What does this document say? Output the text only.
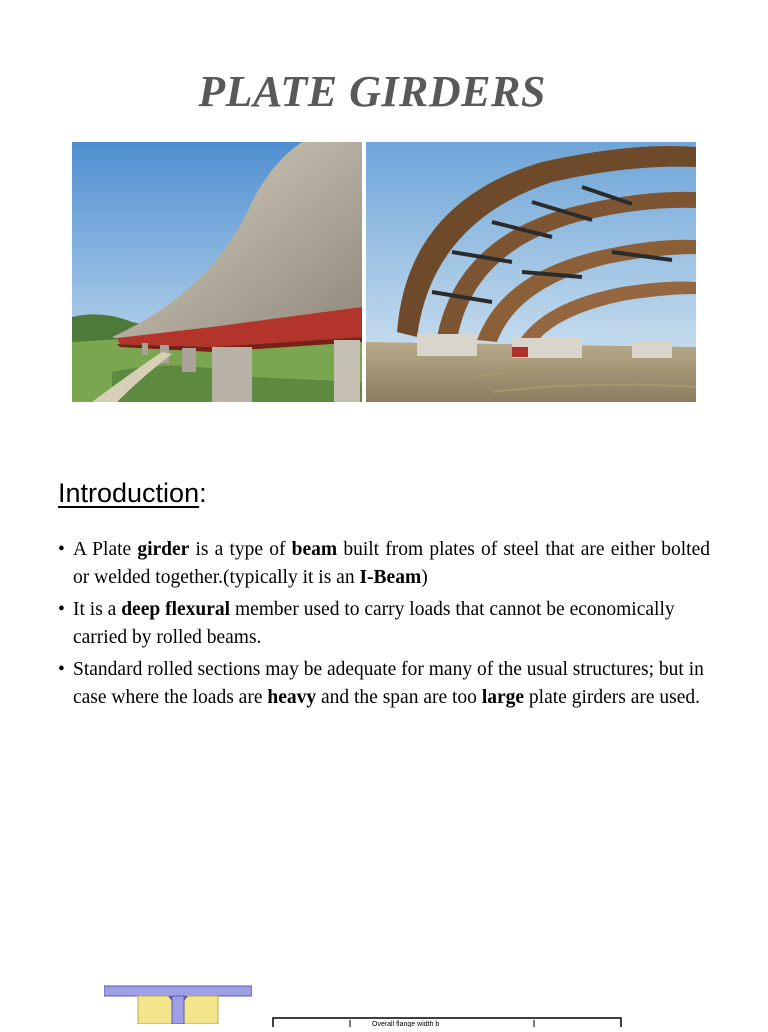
PLATE GIRDERS
Introduction:
• A Plate girder is a type of beam built from plates of steel that are either bolted or welded together.(typically it is an I-Beam)
• It is a deep flexural member used to carry loads that cannot be economically carried by rolled beams.
• Standard rolled sections may be adequate for many of the usual structures; but in case where the loads are heavy and the span are too large plate girders are used.
Overall flange width b
